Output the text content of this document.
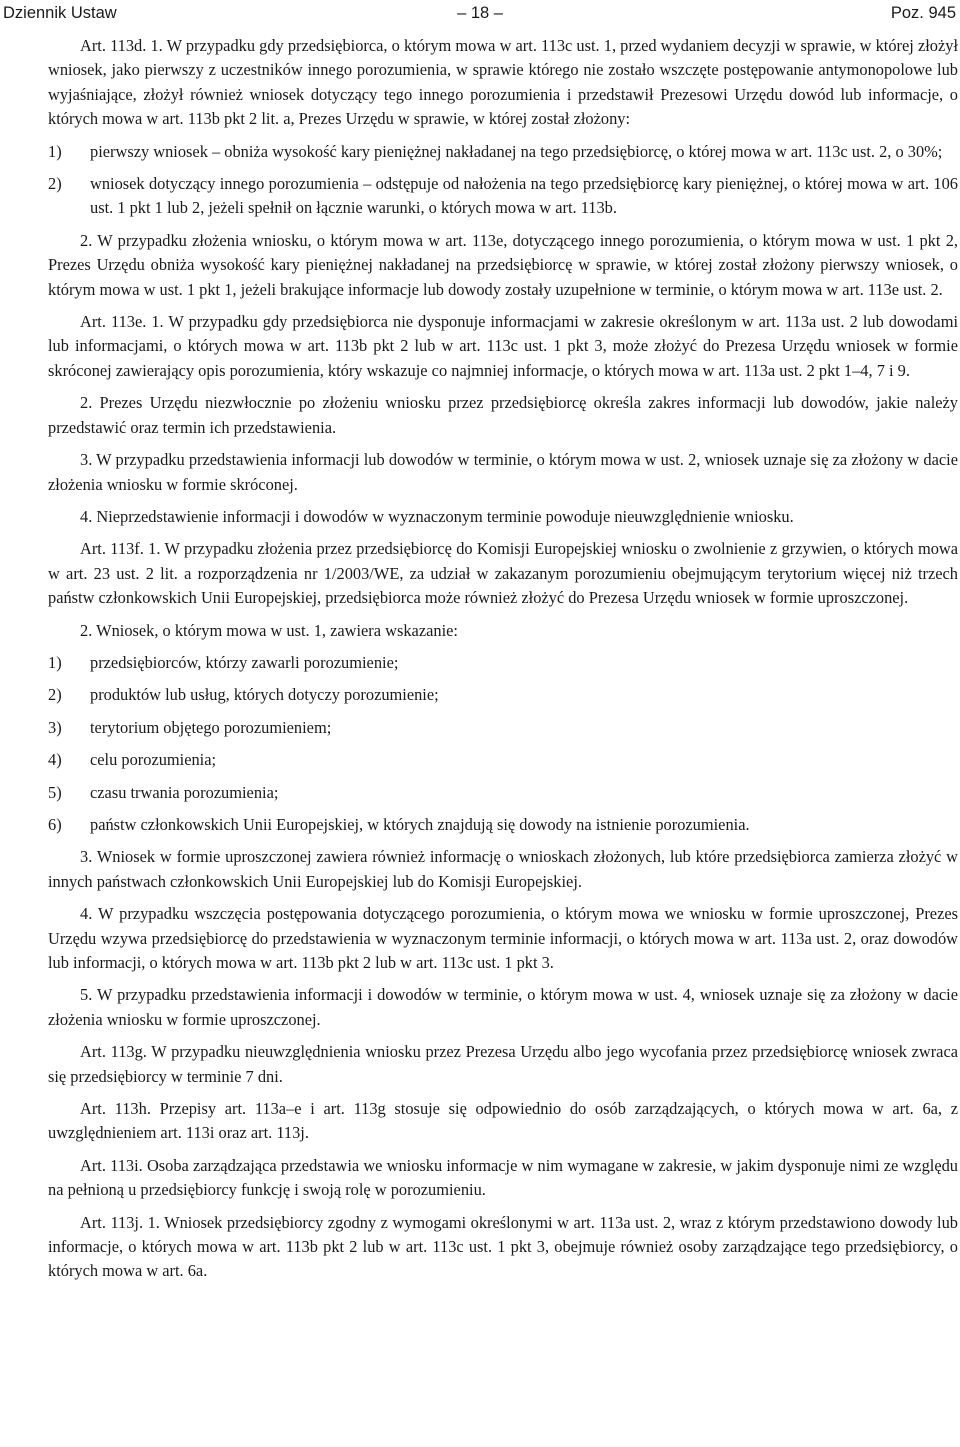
Dziennik Ustaw	– 18 –	Poz. 945

Art. 113d. 1. W przypadku gdy przedsiębiorca, o którym mowa w art. 113c ust. 1, przed wydaniem decyzji w sprawie, w której złożył wniosek, jako pierwszy z uczestników innego porozumienia, w sprawie którego nie zostało wszczęte postępowanie antymonopolowe lub wyjaśniające, złożył również wniosek dotyczący tego innego porozumienia i przedstawił Prezesowi Urzędu dowód lub informacje, o których mowa w art. 113b pkt 2 lit. a, Prezes Urzędu w sprawie, w której został złożony:

1)	pierwszy wniosek – obniża wysokość kary pieniężnej nakładanej na tego przedsiębiorcę, o której mowa w art. 113c ust. 2, o 30%;
2)	wniosek dotyczący innego porozumienia – odstępuje od nałożenia na tego przedsiębiorcę kary pieniężnej, o której mowa w art. 106 ust. 1 pkt 1 lub 2, jeżeli spełnił on łącznie warunki, o których mowa w art. 113b.

2. W przypadku złożenia wniosku, o którym mowa w art. 113e, dotyczącego innego porozumienia, o którym mowa w ust. 1 pkt 2, Prezes Urzędu obniża wysokość kary pieniężnej nakładanej na przedsiębiorcę w sprawie, w której został złożony pierwszy wniosek, o którym mowa w ust. 1 pkt 1, jeżeli brakujące informacje lub dowody zostały uzupełnione w terminie, o którym mowa w art. 113e ust. 2.

Art. 113e. 1. W przypadku gdy przedsiębiorca nie dysponuje informacjami w zakresie określonym w art. 113a ust. 2 lub dowodami lub informacjami, o których mowa w art. 113b pkt 2 lub w art. 113c ust. 1 pkt 3, może złożyć do Prezesa Urzędu wniosek w formie skróconej zawierający opis porozumienia, który wskazuje co najmniej informacje, o których mowa w art. 113a ust. 2 pkt 1–4, 7 i 9.

2. Prezes Urzędu niezwłocznie po złożeniu wniosku przez przedsiębiorcę określa zakres informacji lub dowodów, jakie należy przedstawić oraz termin ich przedstawienia.

3. W przypadku przedstawienia informacji lub dowodów w terminie, o którym mowa w ust. 2, wniosek uznaje się za złożony w dacie złożenia wniosku w formie skróconej.

4. Nieprzedstawienie informacji i dowodów w wyznaczonym terminie powoduje nieuwzględnienie wniosku.

Art. 113f. 1. W przypadku złożenia przez przedsiębiorcę do Komisji Europejskiej wniosku o zwolnienie z grzywien, o których mowa w art. 23 ust. 2 lit. a rozporządzenia nr 1/2003/WE, za udział w zakazanym porozumieniu obejmującym terytorium więcej niż trzech państw członkowskich Unii Europejskiej, przedsiębiorca może również złożyć do Prezesa Urzędu wniosek w formie uproszczonej.

2. Wniosek, o którym mowa w ust. 1, zawiera wskazanie:

1)	przedsiębiorców, którzy zawarli porozumienie;
2)	produktów lub usług, których dotyczy porozumienie;
3)	terytorium objętego porozumieniem;
4)	celu porozumienia;
5)	czasu trwania porozumienia;
6)	państw członkowskich Unii Europejskiej, w których znajdują się dowody na istnienie porozumienia.

3. Wniosek w formie uproszczonej zawiera również informację o wnioskach złożonych, lub które przedsiębiorca zamierza złożyć w innych państwach członkowskich Unii Europejskiej lub do Komisji Europejskiej.

4. W przypadku wszczęcia postępowania dotyczącego porozumienia, o którym mowa we wniosku w formie uproszczonej, Prezes Urzędu wzywa przedsiębiorcę do przedstawienia w wyznaczonym terminie informacji, o których mowa w art. 113a ust. 2, oraz dowodów lub informacji, o których mowa w art. 113b pkt 2 lub w art. 113c ust. 1 pkt 3.

5. W przypadku przedstawienia informacji i dowodów w terminie, o którym mowa w ust. 4, wniosek uznaje się za złożony w dacie złożenia wniosku w formie uproszczonej.

Art. 113g. W przypadku nieuwzględnienia wniosku przez Prezesa Urzędu albo jego wycofania przez przedsiębiorcę wniosek zwraca się przedsiębiorcy w terminie 7 dni.

Art. 113h. Przepisy art. 113a–e i art. 113g stosuje się odpowiednio do osób zarządzających, o których mowa w art. 6a, z uwzględnieniem art. 113i oraz art. 113j.

Art. 113i. Osoba zarządzająca przedstawia we wniosku informacje w nim wymagane w zakresie, w jakim dysponuje nimi ze względu na pełnioną u przedsiębiorcy funkcję i swoją rolę w porozumieniu.

Art. 113j. 1. Wniosek przedsiębiorcy zgodny z wymogami określonymi w art. 113a ust. 2, wraz z którym przedstawiono dowody lub informacje, o których mowa w art. 113b pkt 2 lub w art. 113c ust. 1 pkt 3, obejmuje również osoby zarządzające tego przedsiębiorcy, o których mowa w art. 6a.
